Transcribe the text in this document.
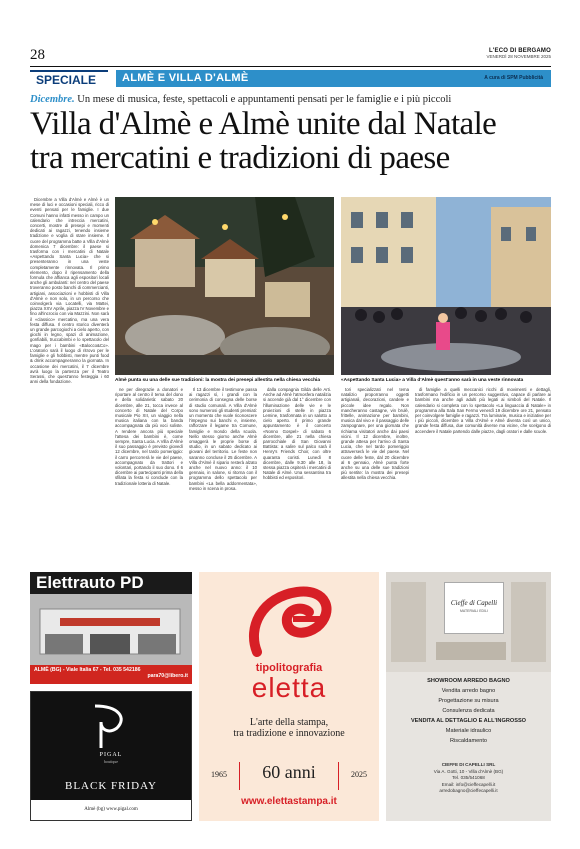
28	L'ECO DI BERGAMO
VENERDÌ 28 NOVEMBRE 2025
SPECIALE	ALMÈ E VILLA D'ALMÈ	A cura di SPM Pubblicità
Dicembre. Un mese di musica, feste, spettacoli e appuntamenti pensati per le famiglie e i più piccoli
Villa d'Almè e Almè unite dal Natale
tra mercatini e tradizioni di paese

Dicembre a Villa d'Almè e Almè è un mese di luci e occasioni speciali, ricco di eventi pensati per le famiglie. I due Comuni hanno infatti messo in campo un calendario che intreccia mercatini, concerti, mostre di presepi e momenti dedicati ai ragazzi, tenendo insieme tradizione e voglia di stare insieme. Il cuore del programma batte a Villa d'Almè domenica 7 dicembre: il paese si trasforma con i mercatini di Natale «Aspettando Santa Lucia» che si presenteranno in una veste completamente rinnovata. Il primo elemento, dopo il ripensamento della formula che affianca agli espositori locali anche gli ambulanti: nel centro del paese troveranno posto banchi di commercianti, artigiani, associazioni e hobbisti di Villa d'Almè e non solo, in un percorso che coinvolgerà via Locatelli, via Mattei, piazza XXV Aprile, piazza IV Novembre e fino all'incrocio con via Mazzini. Non sarà il «classico» mercatino, ma una vera festa diffusa. Il centro storico diventerà un grande parcogiochi a cielo aperto, con giochi in legno, spazi di animazione, gonfiabili, truccabimbi e lo spettacolo del mago per i bambini «Balocco&Co». L'oratorio sarà il luogo di ritrovo per le famiglie e gli hobbisti, mentre punti food & drink accompagneranno la giornata. In occasione dei mercatini, il 7 dicembre avrà luogo la partenza per il Teatro Serassi, che quest'anno festeggia i 60 anni della fondazione.	Almè punta su una delle sue tradizioni: la mostra dei presepi allestita nella chiesa vecchia	«Aspettando Santa Lucia» a Villa d'Almè quest'anno sarà in una veste rinnovata

ne per diregrazie a donatori e riportare al centro il tema del dono e della solidarietà: sabato 20 dicembre, alle 21, tocca invece al concerto di Natale del Corpo musicale Pio XII, un viaggio nella musica italiana con la banda accompagnata da più voci soliste. A rendere ancora più speciale l'attesa dei bambini è, come sempre, Santa Lucia. A Villa d'Almè il suo passaggio è previsto giovedì 12 dicembre, nel tardo pomeriggio: il carro percorrerà le vie del paese, accompagnato da trattori e volontari, portando il suo dono. Il 6 dicembre ai partecipanti prima della sfilata la festa si conclude con la tradizionale lotteria di Natale.

Il 13 dicembre il testimone passa ai ragazzi sì, i grandi con la cerimonia di consegna delle borse di studio comunali. A Villa d'Almè sono numerosi gli studenti premiati: un momento che vuole riconoscere l'impegno sui banchi e, insieme, rafforzare il legame tra Comune, famiglie e mondo della scuola. Nello stesso giorno anche Almè omaggerà le proprie borse di studio, in un sabato dedicato ai giovani del territorio. Le feste non saranno concluse il 25 dicembre. A Villa d'Almè il sipario resterà alzato anche nel nuovo anno: il 10 gennaio, in salone, si ritorna con il programma dello spettacolo per bambini «La bella addormentata», messo in scena in prosa.

dalla compagnia Gilda delle Arti. Anche ad Almè l'atmosfera natalizia si accende già dal 1° dicembre con l'illuminazione delle vie e le proiezioni di stelle in piazza Lemine, trasformata in un salotto a cielo aperto. Il primo grande appuntamento è il concerto «Nonno Gospel» di sabato 6 dicembre, alle 21 nella chiesa parrocchiale di San Giovanni Battista: a salire sul palco sarà il Henry's Friends Choir, con oltre quaranta coristi. Lunedì 8 dicembre, dalle 9.30 alle 18, la stessa piazza ospiterà i mercatini di Natale di Almè. Una sessantina tra hobbisti ed espositori.

tori specializzati nel tema natalizio proporranno oggetti artigianali, decorazioni, candele e piccole idee regalo. Non mancheranno castagne, vin brulè, frittelle, animazione per bambini, musica dal vivo e il passaggio delle zampognare, per una giornata che richiama visitatori anche dai paesi vicini. Il 12 dicembre, inoltre, grande attesa per l'arrivo di Santa Lucia, che nel tardo pomeriggio attraverserà le vie del paese. Nel cuore delle feste, dal 20 dicembre al 6 gennaio, Almè punta forte anche su una delle sue tradizioni più sentite: la mostra dei presepi allestita nella chiesa vecchia.

di famiglie a quelli meccanici ricchi di movimenti e dettagli, trasformano l'edificio in un percorso suggestivo, capace di parlare ai bambini ma anche agli adulti più legati ai simboli del Natale. Il calendario si completa con lo spettacolo «La linguaccia di Natale» in programma alla Sala San Fermo venerdì 19 dicembre ore 21, pensato per coinvolgere famiglie e ragazzi. Tra luminarie, musica e iniziative per i più piccoli, dicembre a Villa d'Almè e Almè diventa così un unico, grande festa diffusa, due comunità diverse ma vicine, che scelgono di accendere il Natale partendo dalle piazze, dagli oratori e dalle scuole.

Elettrauto PD
ALMÈ (BG) - Viale Italia 67 - Tel. 035 542186
para70@libero.it
PIGAL
boutique
BLACK FRIDAY
Almè (bg) www.pigal.com
tipolitografia
eletta
L'arte della stampa,
tra tradizione e innovazione
1965	60 anni	2025
www.elettastampa.it
Cieffe di Capelli
MATERIALI EDILI
SHOWROOM ARREDO BAGNO
Vendita arredo bagno
Progettazione su misura
Consulenza dedicata
VENDITA AL DETTAGLIO E ALL'INGROSSO
Materiale idraulico
Riscaldamento
CIEFFE DI CAPELLI SRL
Via A. Gotti, 10 - Villa d'Almè (BG)
Tel. 035/541068
Email: info@cieffecapelli.it
arredobagno@cieffecapelli.it
